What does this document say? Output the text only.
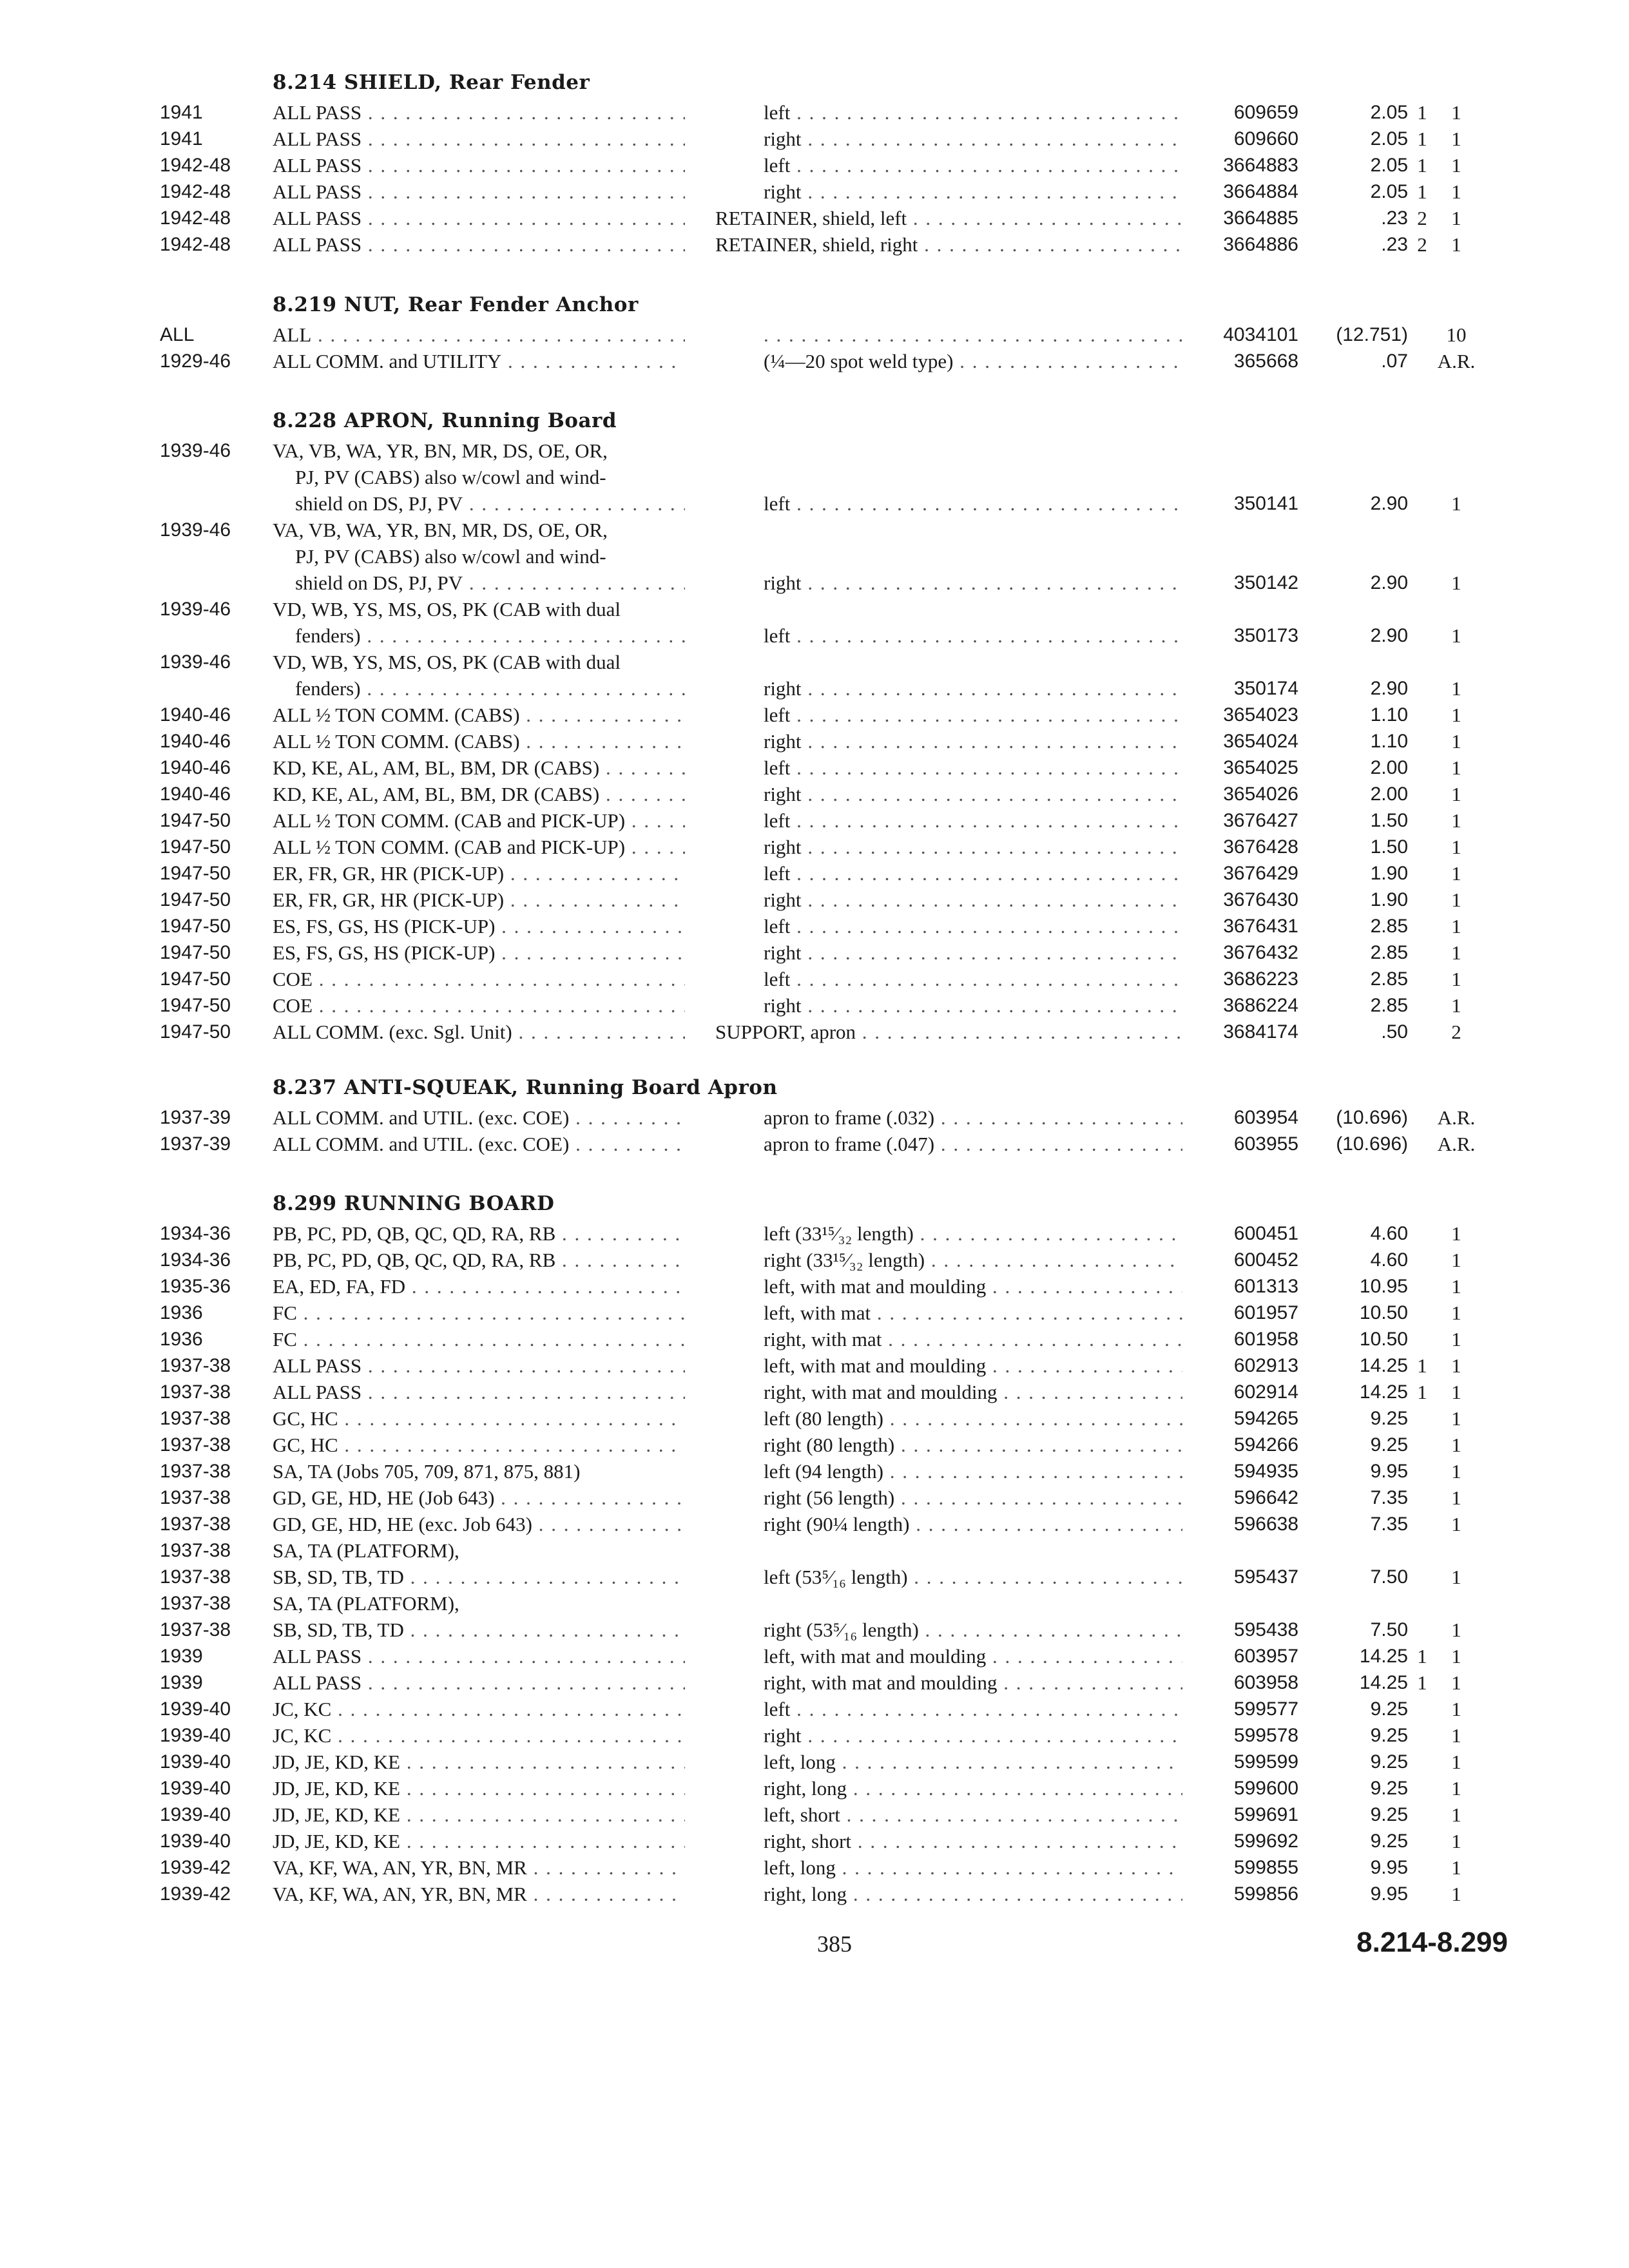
8.214 SHIELD, Rear Fender
1941	ALL PASS . . .	left . . .	609659	2.05 1	1
1941	ALL PASS . . .	right . . .	609660	2.05 1	1
1942-48 ALL PASS . . .	left . . .	3664883	2.05 1	1
1942-48 ALL PASS . . .	right . . .	3664884	2.05 1	1
1942-48 ALL PASS . . .	RETAINER, shield, left . . .	3664885	.23 2	1
1942-48 ALL PASS . . .	RETAINER, shield, right . . .	3664886	.23 2	1
8.219 NUT, Rear Fender Anchor
ALL	ALL . . .
. . .	4034101	(12.751)	10
1929-46 ALL COMM. and UTILITY . . .	(¼—20 spot weld type) . . .	365668	.07 A.R.
8.228 APRON, Running Board
1939-46 VA, VB, WA, YR, BN, MR, DS, OE, OR,
PJ, PV (CABS) also w/cowl and wind-
shield on DS, PJ, PV . . .	left . . .	350141	2.90	1
1939-46 VA, VB, WA, YR, BN, MR, DS, OE, OR,
PJ, PV (CABS) also w/cowl and wind-
shield on DS, PJ, PV . . .	right . . .	350142	2.90	1
1939-46 VD, WB, YS, MS, OS, PK (CAB with dual
fenders) . . .	left . . .	350173	2.90	1
1939-46 VD, WB, YS, MS, OS, PK (CAB with dual
fenders) . . .	right . . .	350174	2.90	1
1940-46 ALL ½ TON COMM. (CABS) . . .	left . . .	3654023	1.10	1
1940-46 ALL ½ TON COMM. (CABS) . . .	right . . .	3654024	1.10	1
1940-46 KD, KE, AL, AM, BL, BM, DR (CABS) . . .	left . . .	3654025	2.00	1
1940-46 KD, KE, AL, AM, BL, BM, DR (CABS) . . .	right . . .	3654026	2.00	1
1947-50 ALL ½ TON COMM. (CAB and PICK-UP) . . .	left . . .	3676427	1.50	1
1947-50 ALL ½ TON COMM. (CAB and PICK-UP) . . .	right . . .	3676428	1.50	1
1947-50 ER, FR, GR, HR (PICK-UP) . . .	left . . .	3676429	1.90	1
1947-50 ER, FR, GR, HR (PICK-UP) . . .	right . . .	3676430	1.90	1
1947-50 ES, FS, GS, HS (PICK-UP) . . .	left . . .	3676431	2.85	1
1947-50 ES, FS, GS, HS (PICK-UP) . . .	right . . .	3676432	2.85	1
1947-50 COE . . .	left . . .	3686223	2.85	1
1947-50 COE . . .	right . . .	3686224	2.85	1
1947-50 ALL COMM. (exc. Sgl. Unit) . . .	SUPPORT, apron . . .	3684174	.50	2
8.237 ANTI-SQUEAK, Running Board Apron
1937-39 ALL COMM. and UTIL. (exc. COE) . . .	apron to frame (.032) . . .	603954	(10.696) A.R.
1937-39 ALL COMM. and UTIL. (exc. COE) . . .	apron to frame (.047) . . .	603955	(10.696) A.R.
8.299 RUNNING BOARD
1934-36 PB, PC, PD, QB, QC, QD, RA, RB . . .	left (33¹⁵⁄₃₂ length) . . .	600451	4.60	1
1934-36 PB, PC, PD, QB, QC, QD, RA, RB . . .	right (33¹⁵⁄₃₂ length) . . .	600452	4.60	1
1935-36 EA, ED, FA, FD . . .	left, with mat and moulding . . .	601313	10.95	1
1936	FC . . .	left, with mat . . .	601957	10.50	1
1936	FC . . .	right, with mat . . .	601958	10.50	1
1937-38 ALL PASS . . .	left, with mat and moulding . . .	602913	14.25 1	1
1937-38 ALL PASS . . .	right, with mat and moulding . . .	602914	14.25 1	1
1937-38 GC, HC . . .	left (80 length) . . .	594265	9.25	1
1937-38 GC, HC . . .	right (80 length) . . .	594266	9.25	1
1937-38 SA, TA (Jobs 705, 709, 871, 875, 881)	left (94 length) . . .	594935	9.95	1
1937-38 GD, GE, HD, HE (Job 643) . . .	right (56 length) . . .	596642	7.35	1
1937-38 GD, GE, HD, HE (exc. Job 643) . . .	right (90¼ length) . . .	596638	7.35	1
1937-38 SA, TA (PLATFORM),
1937-38 SB, SD, TB, TD . . .	left (53⁵⁄₁₆ length) . . .	595437	7.50	1
1937-38 SA, TA (PLATFORM),
1937-38 SB, SD, TB, TD . . .	right (53⁵⁄₁₆ length) . . .	595438	7.50	1
1939	ALL PASS . . .	left, with mat and moulding . . .	603957	14.25 1	1
1939	ALL PASS . . .	right, with mat and moulding . . .	603958	14.25 1	1
1939-40 JC, KC . . .	left . . .	599577	9.25	1
1939-40 JC, KC . . .	right . . .	599578	9.25	1
1939-40 JD, JE, KD, KE . . .	left, long . . .	599599	9.25	1
1939-40 JD, JE, KD, KE . . .	right, long . . .	599600	9.25	1
1939-40 JD, JE, KD, KE . . .	left, short . . .	599691	9.25	1
1939-40 JD, JE, KD, KE . . .	right, short . . .	599692	9.25	1
1939-42 VA, KF, WA, AN, YR, BN, MR . . .	left, long . . .	599855	9.95	1
1939-42 VA, KF, WA, AN, YR, BN, MR . . .	right, long . . .	599856	9.95	1
385	8.214-8.299
